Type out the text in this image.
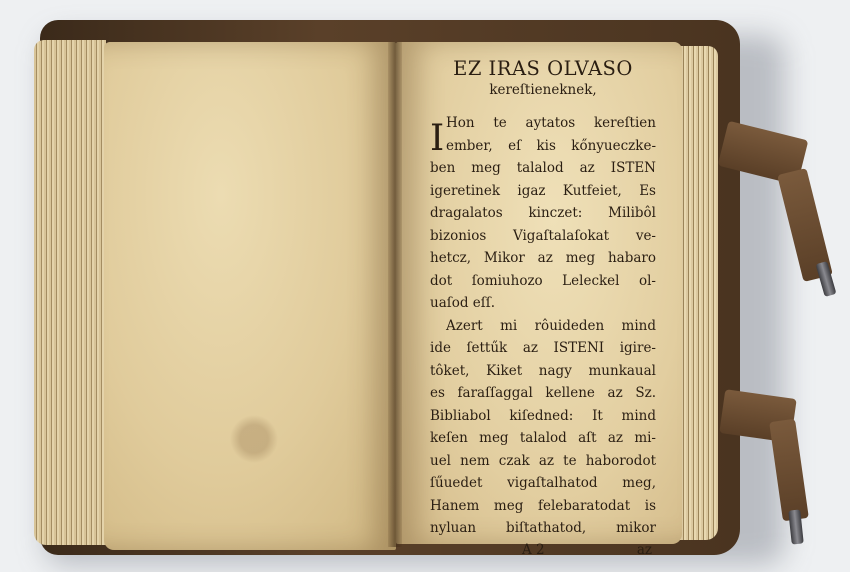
EZ IRAS OLVASO
kereſtieneknek,
I Hon te aytatos kereſtien
ember, eſ kis kőnyueczke-
ben meg talalod az ISTEN
igeretinek igaz Kutfeiet, Es
dragalatos kinczet: Milibôl
bizonios Vigaſtalaſokat ve-
hetcz, Mikor az meg habaro
dot ſomiuhozo Leleckel ol-
uaſod eſſ.
Azert mi rôuideden mind
ide ſettűk az ISTENI igire-
tôket, Kiket nagy munkaual
es faraſſaggal kellene az Sz.
Bibliabol kiſedned: It mind
keſen meg talalod aſt az mi-
uel nem czak az te haborodot
ſűuedet vigaſtalhatod meg,
Hanem meg felebaratodat is
nyluan biſtathatod, mikor
A 2	az
